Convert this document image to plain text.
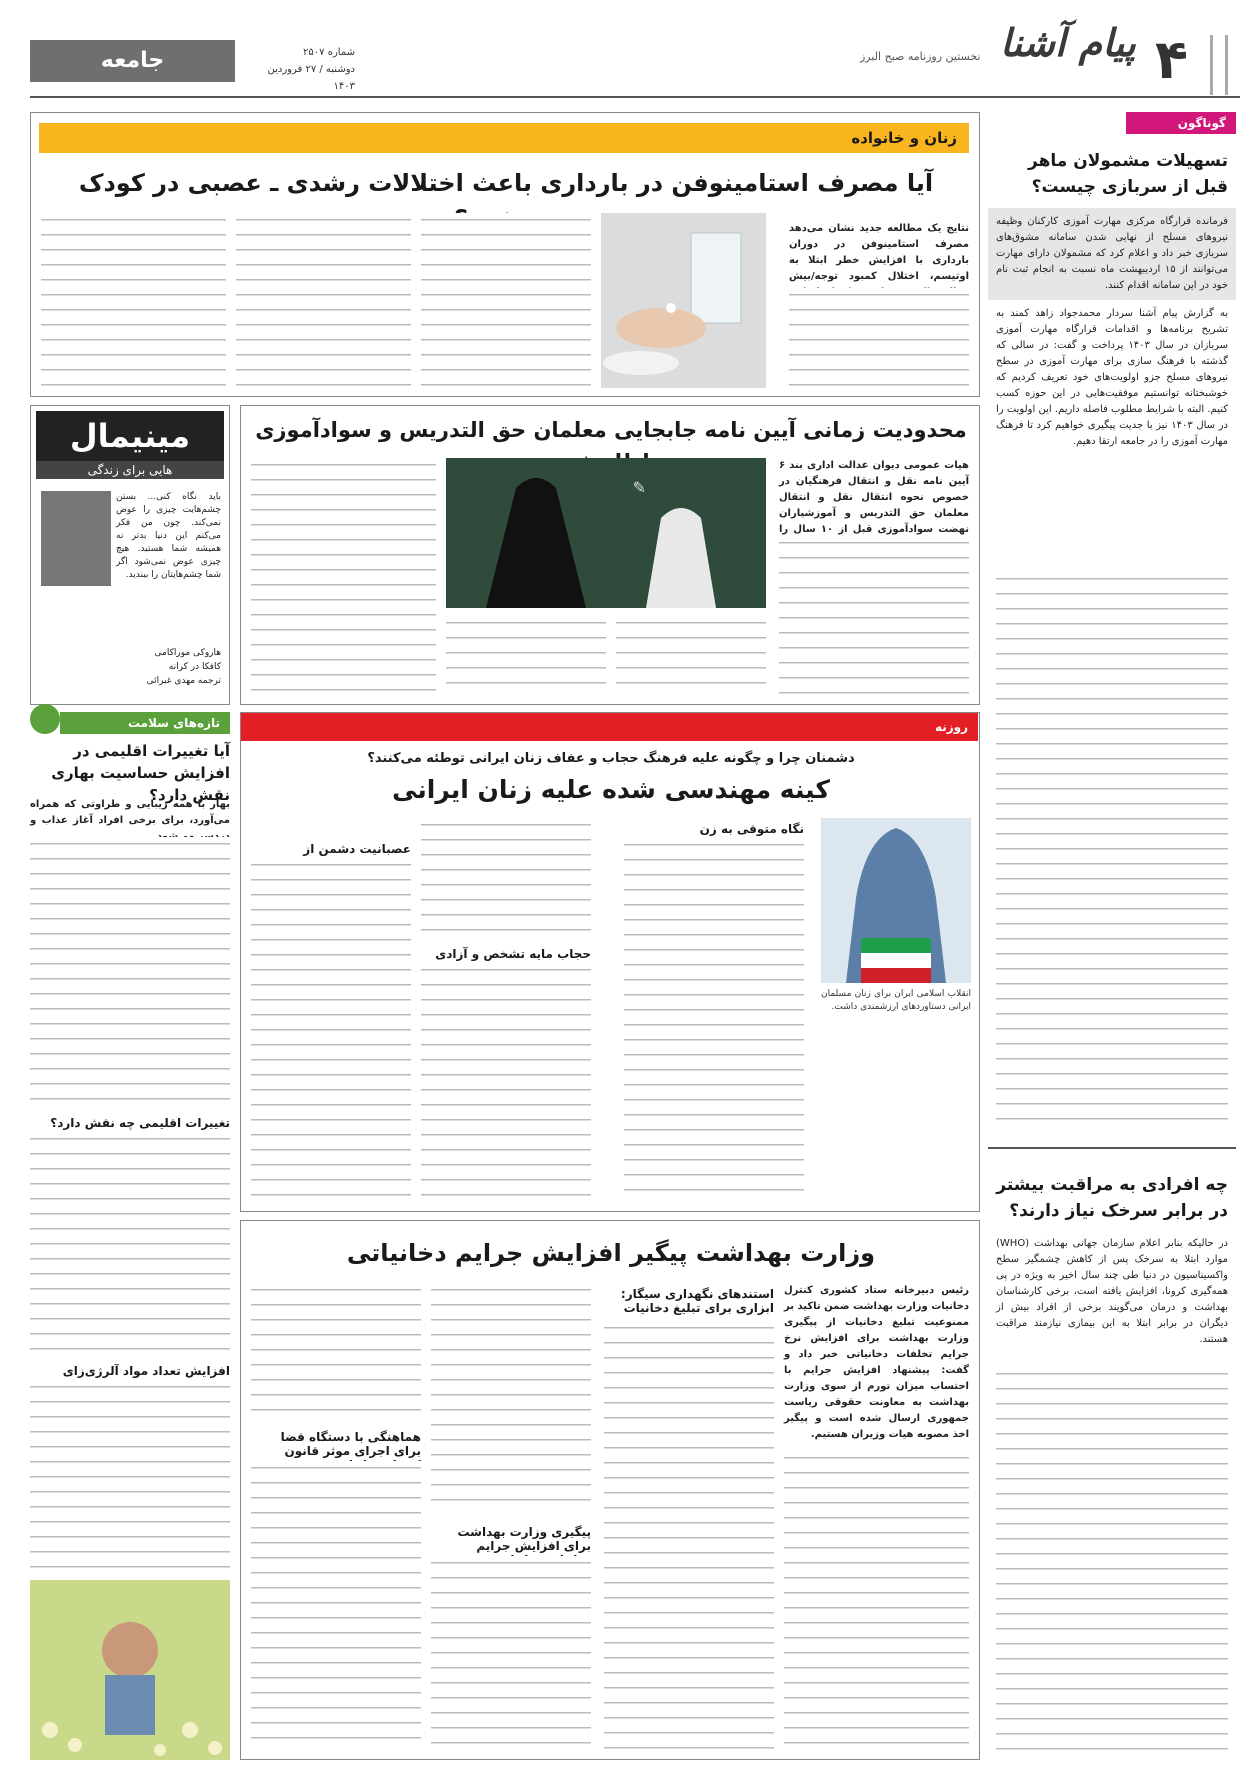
جامعه	شماره ۲۵۰۷
دوشنبه / ۲۷ فروردین ۱۴۰۳
نخستین روزنامه صبح البرز پیام آشنا ۴
گوناگون
تسهیلات مشمولان ماهر قبل از سربازی چیست؟
فرمانده قرارگاه مرکزی مهارت آموزی کارکنان وظیفه نیروهای مسلح از نهایی شدن سامانه مشوق‌های سربازی خبر داد و اعلام کرد که مشمولان دارای مهارت می‌توانند از ۱۵ اردیبهشت ماه نسبت به انجام ثبت نام خود در این سامانه اقدام کنند.
به گزارش پیام آشنا سردار محمدجواد زاهد کمند به تشریح برنامه‌ها و اقدامات قرارگاه مهارت آموزی سربازان در سال ۱۴۰۳ پرداخت و گفت: در سالی که گذشته با فرهنگ سازی برای مهارت آموزی در سطح نیروهای مسلح جزو اولویت‌های خود تعریف کردیم که خوشبختانه توانستیم موفقیت‌هایی در این حوزه کسب کنیم. البته با شرایط مطلوب فاصله داریم. این اولویت را در سال ۱۴۰۳ نیز با جدیت پیگیری خواهیم کرد تا فرهنگ مهارت آموزی را در جامعه ارتقا دهیم.
چه افرادی به مراقبت بیشتر در برابر سرخک نیاز دارند؟
در حالیکه بنابر اعلام سازمان جهانی بهداشت (WHO) موارد ابتلا به سرخک پس از کاهش چشمگیر سطح واکسیناسیون در دنیا طی چند سال اخیر به ویژه در پی همه‌گیری کرونا، افزایش یافته است، برخی کارشناسان بهداشت و درمان می‌گویند برخی از افراد بیش از دیگران در برابر ابتلا به این بیماری نیازمند مراقبت هستند.
زنان و خانواده
آیا مصرف استامینوفن در بارداری باعث اختلالات رشدی ـ عصبی در کودک
نتایج یک مطالعه جدید نشان می‌دهد مصرف استامینوفن در دوران بارداری با افزایش خطر ابتلا به اوتیسم، اختلال کمبود توجه/بیش
مینیمال
هایی برای زندگی
باید نگاه کنی... بستن چشم‌هایت چیزی را عوض نمی‌کند. چون من فکر می‌کنم این دنیا بدتر نه همیشه شما هستید. هیچ چیزی عوض نمی‌شود اگر شما چشم‌هایتان را ببندید.
هاروکی موراکامی
کافکا در کرانه
ترجمه مهدی غبرائی
محدودیت زمانی آیین نامه جابجایی معلمان حق التدریس و سوادآموزی
هیات عمومی دیوان عدالت اداری بند ۶ آیین نامه نقل و انتقال فرهنگیان در خصوص نحوه انتقال نقل و انتقال معلمان حق التدریس و آموزشیاران نهضت سوادآموزی قبل از ۱۰ سال را
✎
تازه‌های سلامت
آیا تغییرات اقلیمی در افزایش حساسیت بهاری نقش دارد؟
بهار با همه زیبایی و طراوتی که همراه می‌آورد، برای برخی افراد آغاز عذاب و
تغییرات اقلیمی چه نقش دارد؟
افزایش تعداد مواد آلرژی‌زای
روزنه
دشمنان چرا و چگونه علیه فرهنگ حجاب و عفاف زنان ایرانی توطئه می‌کنند؟
کینه مهندسی شده علیه زنان ایرانی
انقلاب اسلامی ایران برای زنان مسلمان ایرانی دستاوردهای ارزشمندی داشت.
نگاه متوقی به زن
حجاب مایه تشخص و آزادی
عصبانیت دشمن از
وزارت بهداشت پیگیر افزایش جرایم دخانیاتی
رئیس دبیرخانه ستاد کشوری کنترل دخانیات وزارت بهداشت ضمن تاکید بر ممنوعیت تبلیغ دخانیات از پیگیری وزارت بهداشت برای افزایش نرخ جرایم تخلفات دخانیاتی خبر داد و گفت: پیشنهاد افزایش جرایم با احتساب میزان تورم از سوی وزارت بهداشت به معاونت حقوقی ریاست جمهوری ارسال شده است و پیگیر اخذ مصوبه هیات وزیران هستیم.
استندهای نگهداری سیگار: ابزاری برای تبلیغ دخانیات
پیگیری وزارت بهداشت برای افزایش جرایم
هماهنگی با دستگاه قضا برای اجرای موثر قانون
